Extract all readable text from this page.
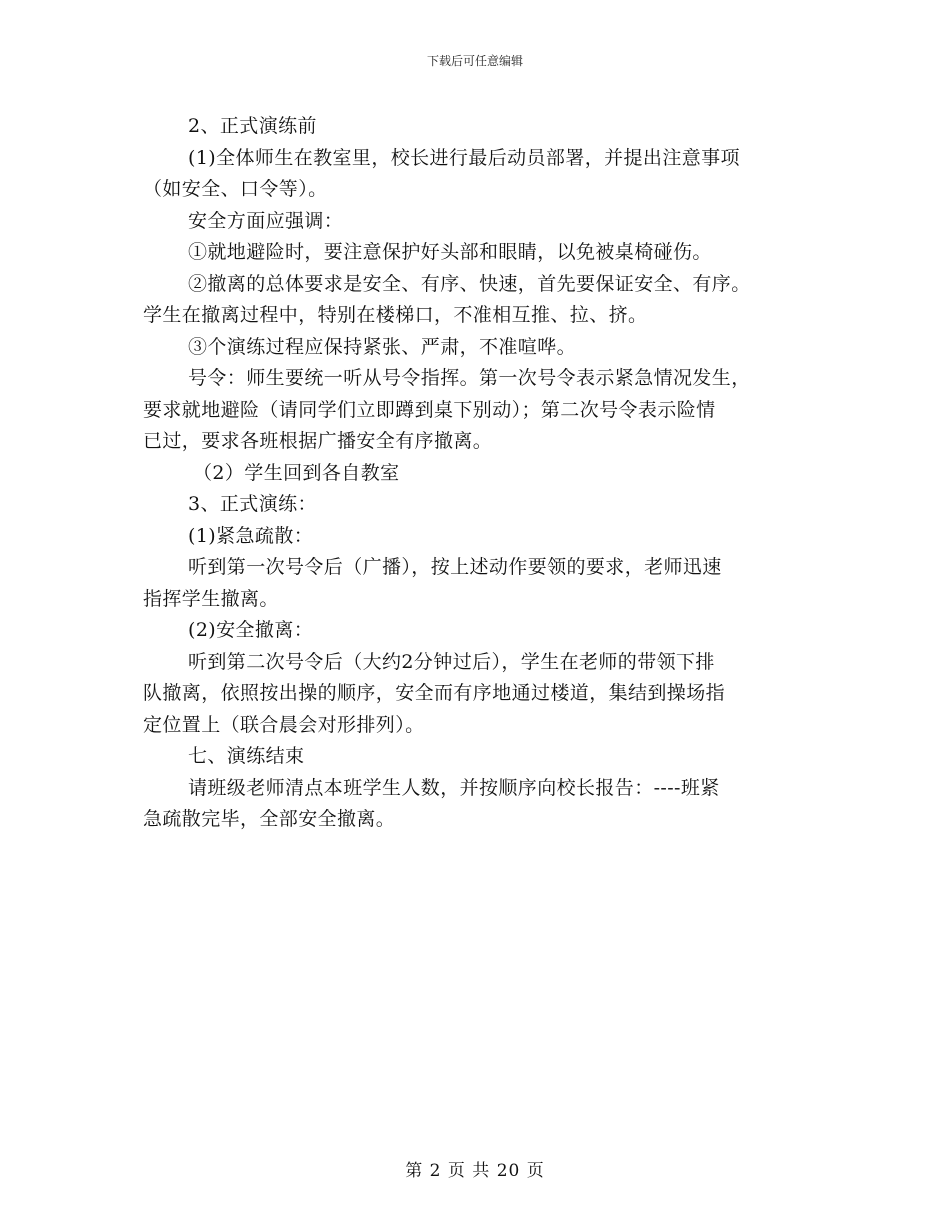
下载后可任意编辑
2、正式演练前
(1)全体师生在教室里，校长进行最后动员部署，并提出注意事项
（如安全、口令等）。
安全方面应强调：
①就地避险时，要注意保护好头部和眼睛，以免被桌椅碰伤。
②撤离的总体要求是安全、有序、快速，首先要保证安全、有序。
学生在撤离过程中，特别在楼梯口，不准相互推、拉、挤。
③个演练过程应保持紧张、严肃，不准喧哗。
号令：师生要统一听从号令指挥。第一次号令表示紧急情况发生，
要求就地避险（请同学们立即蹲到桌下别动）；第二次号令表示险情
已过，要求各班根据广播安全有序撤离。
（2）学生回到各自教室
3、正式演练：
(1)紧急疏散：
听到第一次号令后（广播），按上述动作要领的要求，老师迅速
指挥学生撤离。
(2)安全撤离：
听到第二次号令后（大约2分钟过后），学生在老师的带领下排
队撤离，依照按出操的顺序，安全而有序地通过楼道，集结到操场指
定位置上（联合晨会对形排列）。
七、演练结束
请班级老师清点本班学生人数，并按顺序向校长报告：----班紧
急疏散完毕，全部安全撤离。
第 2 页 共 20 页
